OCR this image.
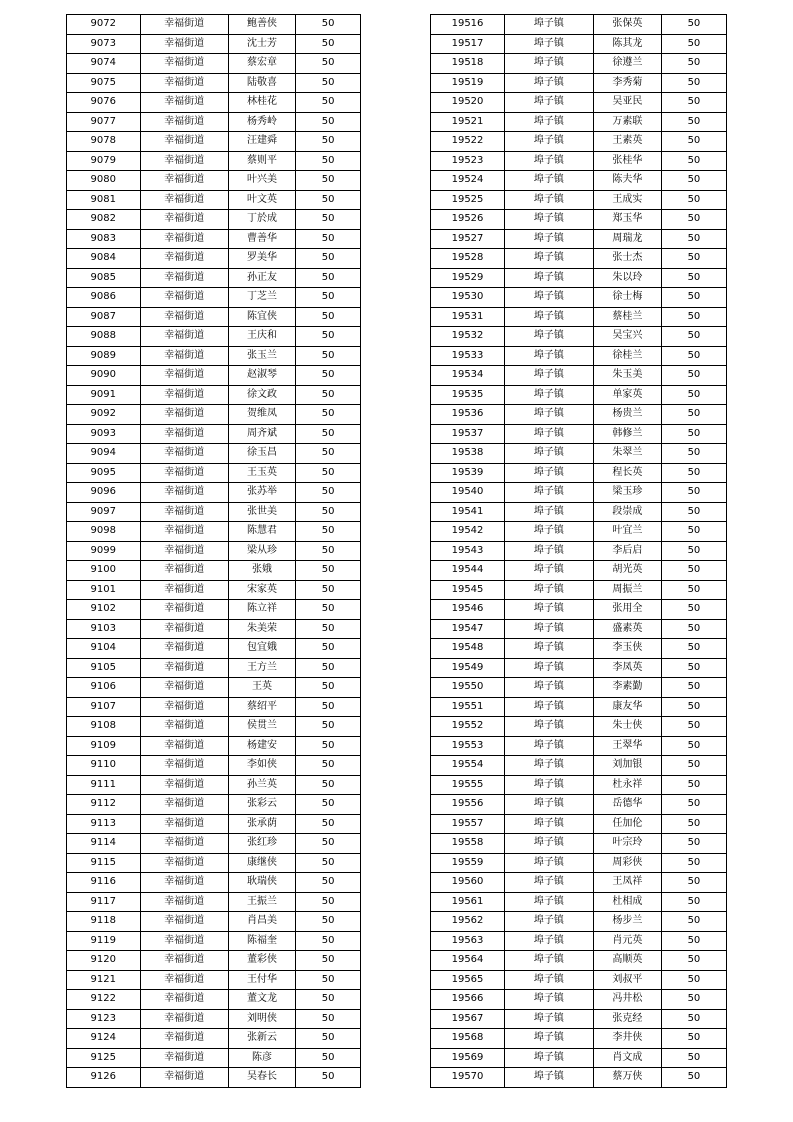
9072	幸福街道	鲍善侠	50
9073	幸福街道	沈士芳	50
9074	幸福街道	蔡宏章	50
9075	幸福街道	陆敬喜	50
9076	幸福街道	林桂花	50
9077	幸福街道	杨秀岭	50
9078	幸福街道	汪建舜	50
9079	幸福街道	蔡则平	50
9080	幸福街道	叶兴美	50
9081	幸福街道	叶文英	50
9082	幸福街道	丁於成	50
9083	幸福街道	曹善华	50
9084	幸福街道	罗美华	50
9085	幸福街道	孙正友	50
9086	幸福街道	丁芝兰	50
9087	幸福街道	陈宜侠	50
9088	幸福街道	王庆和	50
9089	幸福街道	张玉兰	50
9090	幸福街道	赵淑琴	50
9091	幸福街道	徐文政	50
9092	幸福街道	贺维凤	50
9093	幸福街道	周齐斌	50
9094	幸福街道	徐玉昌	50
9095	幸福街道	王玉英	50
9096	幸福街道	张苏举	50
9097	幸福街道	张世美	50
9098	幸福街道	陈慧君	50
9099	幸福街道	梁从珍	50
9100	幸福街道	张娥	50
9101	幸福街道	宋家英	50
9102	幸福街道	陈立祥	50
9103	幸福街道	朱美荣	50
9104	幸福街道	包宜娥	50
9105	幸福街道	王方兰	50
9106	幸福街道	王英	50
9107	幸福街道	蔡绍平	50
9108	幸福街道	侯贯兰	50
9109	幸福街道	杨建安	50
9110	幸福街道	李如侠	50
9111	幸福街道	孙兰英	50
9112	幸福街道	张彩云	50
9113	幸福街道	张承荫	50
9114	幸福街道	张红珍	50
9115	幸福街道	康继侠	50
9116	幸福街道	耿瑞侠	50
9117	幸福街道	王振兰	50
9118	幸福街道	肖昌美	50
9119	幸福街道	陈福奎	50
9120	幸福街道	董彩侠	50
9121	幸福街道	王付华	50
9122	幸福街道	董文龙	50
9123	幸福街道	刘明侠	50
9124	幸福街道	张新云	50
9125	幸福街道	陈彦	50
9126	幸福街道	吴春长	50
19516	埠子镇	张保英	50
19517	埠子镇	陈其龙	50
19518	埠子镇	徐遵兰	50
19519	埠子镇	李秀菊	50
19520	埠子镇	吴亚民	50
19521	埠子镇	万素联	50
19522	埠子镇	王素英	50
19523	埠子镇	张桂华	50
19524	埠子镇	陈夫华	50
19525	埠子镇	王成实	50
19526	埠子镇	郑玉华	50
19527	埠子镇	周瑞龙	50
19528	埠子镇	张士杰	50
19529	埠子镇	朱以玲	50
19530	埠子镇	徐士梅	50
19531	埠子镇	蔡桂兰	50
19532	埠子镇	吴宝兴	50
19533	埠子镇	徐桂兰	50
19534	埠子镇	朱玉美	50
19535	埠子镇	单家英	50
19536	埠子镇	杨贵兰	50
19537	埠子镇	韩修兰	50
19538	埠子镇	朱翠兰	50
19539	埠子镇	程长英	50
19540	埠子镇	梁玉珍	50
19541	埠子镇	段崇成	50
19542	埠子镇	叶宜兰	50
19543	埠子镇	李后启	50
19544	埠子镇	胡光英	50
19545	埠子镇	周振兰	50
19546	埠子镇	张用全	50
19547	埠子镇	盛素英	50
19548	埠子镇	李玉侠	50
19549	埠子镇	李凤英	50
19550	埠子镇	李素勤	50
19551	埠子镇	康友华	50
19552	埠子镇	朱士侠	50
19553	埠子镇	王翠华	50
19554	埠子镇	刘加银	50
19555	埠子镇	杜永祥	50
19556	埠子镇	岳德华	50
19557	埠子镇	任加伦	50
19558	埠子镇	叶宗玲	50
19559	埠子镇	周彩侠	50
19560	埠子镇	王凤祥	50
19561	埠子镇	杜相成	50
19562	埠子镇	杨步兰	50
19563	埠子镇	肖元英	50
19564	埠子镇	高顺英	50
19565	埠子镇	刘叔平	50
19566	埠子镇	冯井松	50
19567	埠子镇	张克经	50
19568	埠子镇	李井侠	50
19569	埠子镇	肖文成	50
19570	埠子镇	蔡万侠	50
